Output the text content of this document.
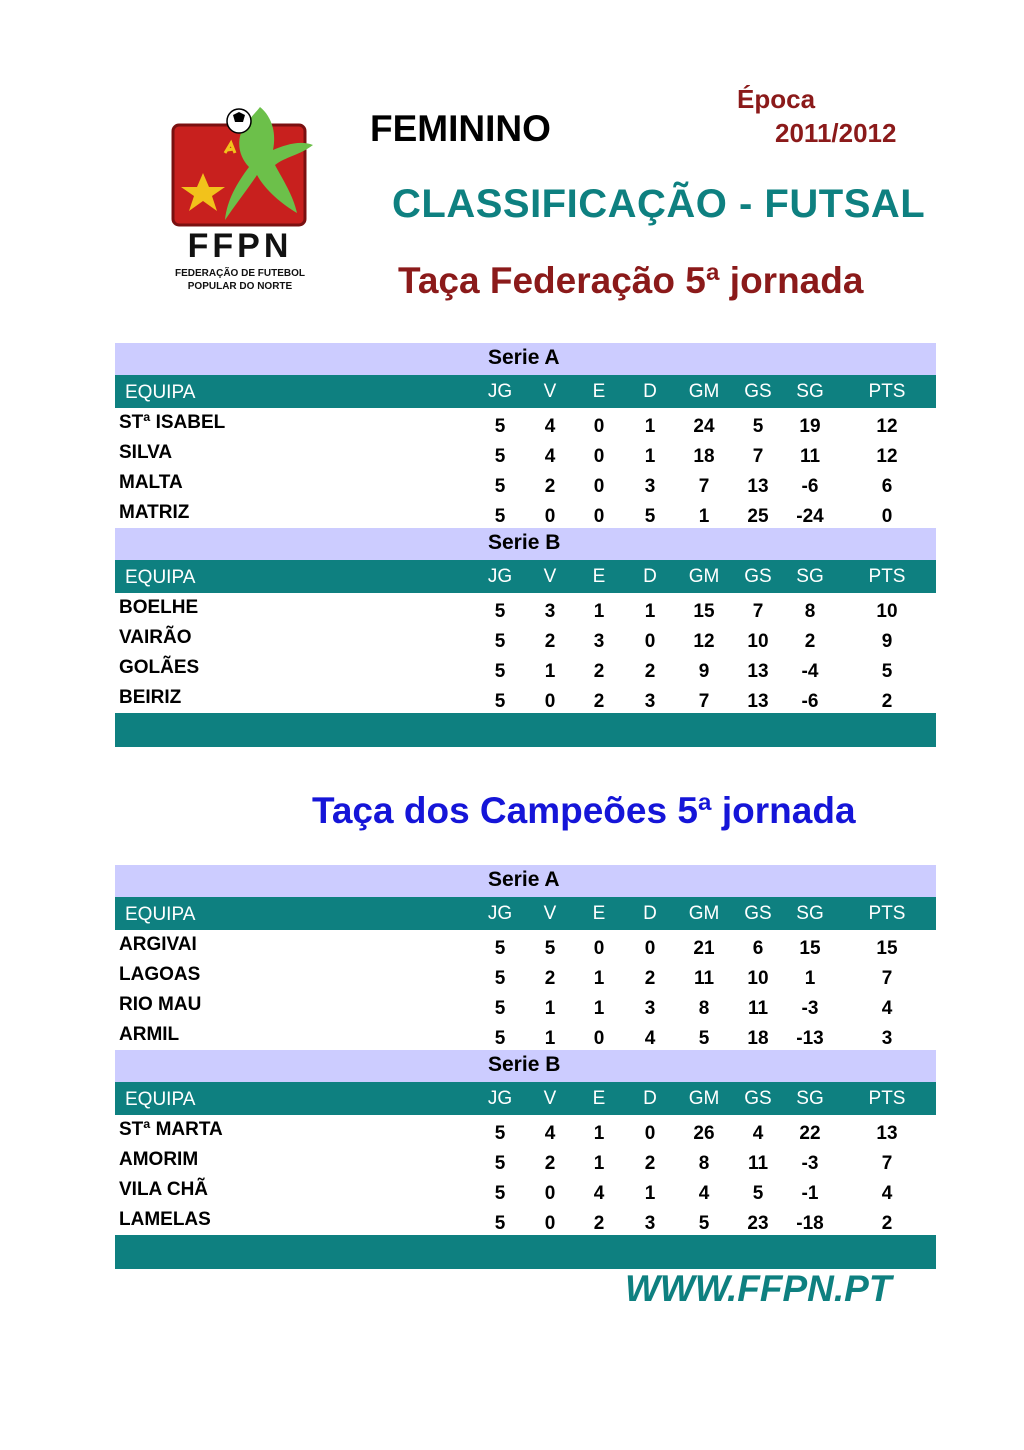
FFPN
FEDERAÇÃO DE FUTEBOL
POPULAR DO NORTE
FEMININO
Época
2011/2012
CLASSIFICAÇÃO - FUTSAL
Taça Federação 5ª jornada
Serie A
EQUIPA	JG V E D GM GS SG PTS
STª ISABEL	5 4 0 1 24 5 19	12
SILVA	5 4 0 1 18 7 11	12
MALTA	5 2 0 3 7 13 -6	6
MATRIZ	5 0 0 5 1 25 -24	0
Serie B
EQUIPA	JG V E D GM GS SG PTS
BOELHE	5 3 1 1 15 7 8	10
VAIRÃO	5 2 3 0 12 10 2	9
GOLÃES	5 1 2 2 9 13 -4	5
BEIRIZ	5 0 2 3 7 13 -6	2
Taça dos Campeões 5ª jornada
Serie A
EQUIPA	JG V E D GM GS SG PTS
ARGIVAI	5 5 0 0 21 6 15	15
LAGOAS	5 2 1 2 11 10 1	7
RIO MAU	5 1 1 3 8 11 -3	4
ARMIL	5 1 0 4 5 18 -13	3
Serie B
EQUIPA	JG V E D GM GS SG PTS
STª MARTA	5 4 1 0 26 4 22	13
AMORIM	5 2 1 2 8 11 -3	7
VILA CHÃ	5 0 4 1 4 5 -1	4
LAMELAS	5 0 2 3 5 23 -18	2
WWW.FFPN.PT
